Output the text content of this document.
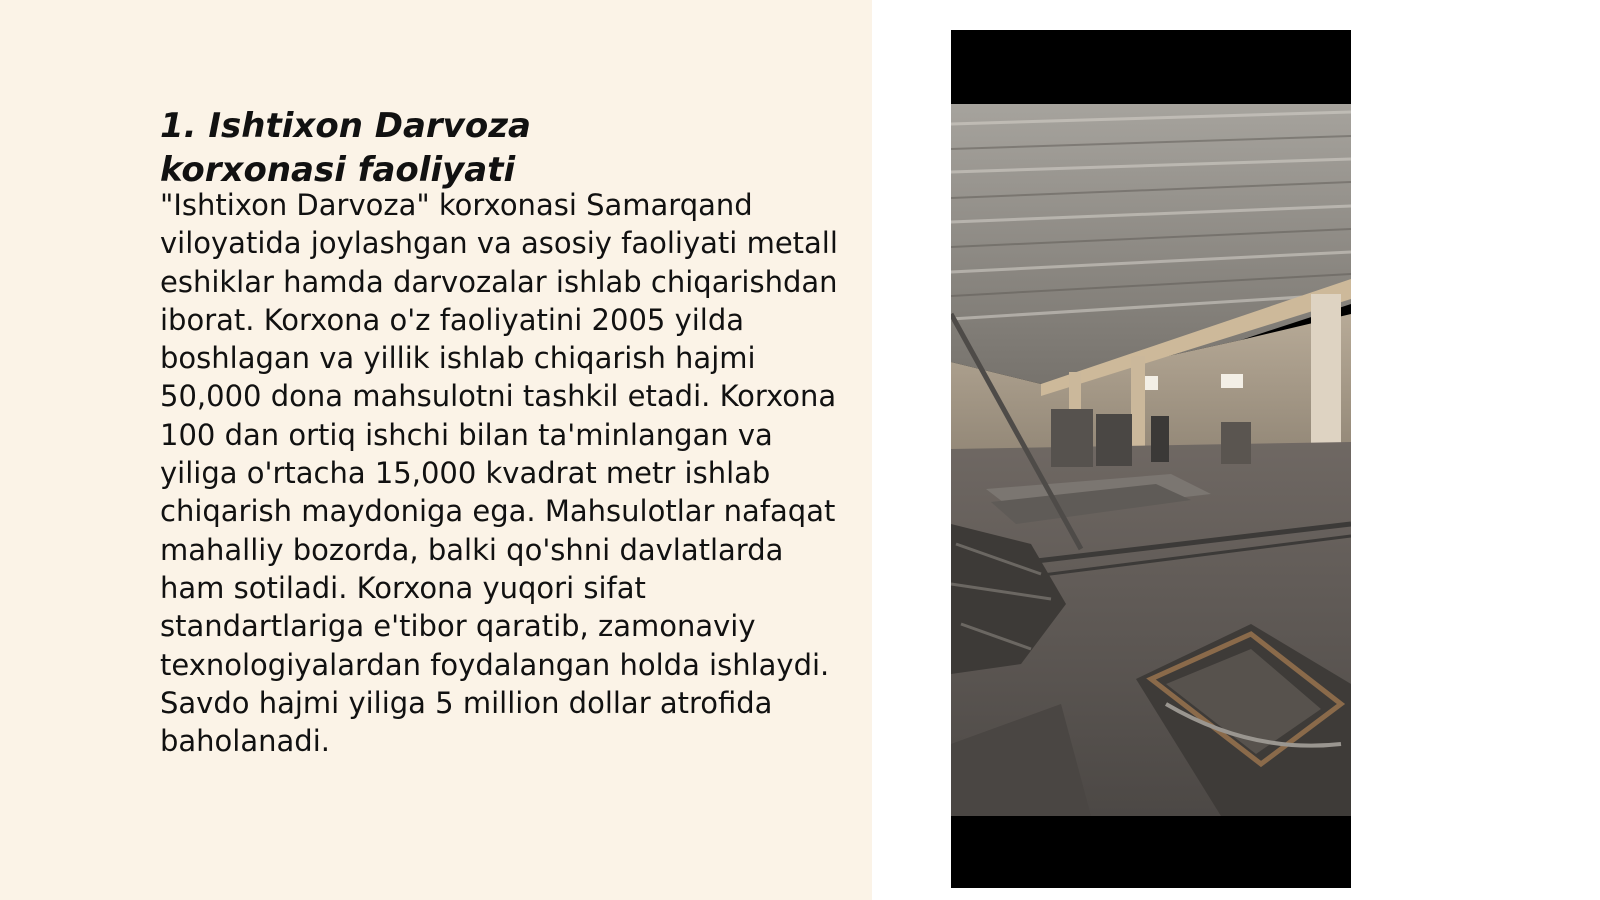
1. Ishtixon Darvoza korxonasi faoliyati

"Ishtixon Darvoza" korxonasi Samarqand viloyatida joylashgan va asosiy faoliyati metall eshiklar hamda darvozalar ishlab chiqarishdan iborat. Korxona o'z faoliyatini 2005 yilda boshlagan va yillik ishlab chiqarish hajmi 50,000 dona mahsulotni tashkil etadi. Korxona 100 dan ortiq ishchi bilan ta'minlangan va yiliga o'rtacha 15,000 kvadrat metr ishlab chiqarish maydoniga ega. Mahsulotlar nafaqat mahalliy bozorda, balki qo'shni davlatlarda ham sotiladi. Korxona yuqori sifat standartlariga e'tibor qaratib, zamonaviy texnologiyalardan foydalangan holda ishlaydi. Savdo hajmi yiliga 5 million dollar atrofida baholanadi.
